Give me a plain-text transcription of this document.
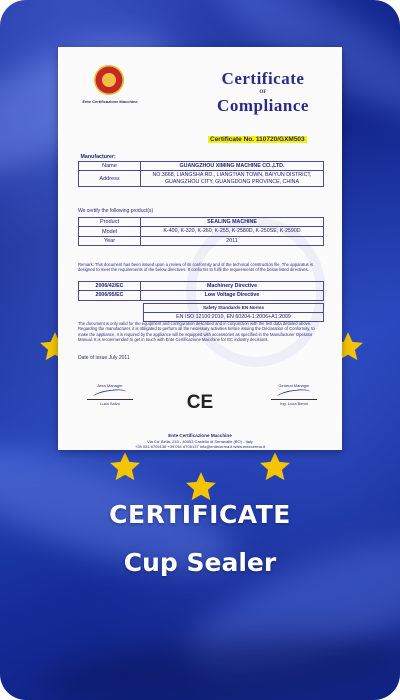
Ente Certificazione Macchine
Certificate
OF
Compliance
Certificate No. 110720/GXM503
Manufacturer:	
Name	GUANGZHOU XIMING MACHINE CO.,LTD.
Address	NO.3668, LIANGSHA RD., LIANGTIAN TOWN, BAIYUN DISTRICT, GUANGZHOU CITY, GUANGDONG PROVINCE, CHINA
We certify the following product(s)
Product	SEALING MACHINE
Model	K-400, K-320, K-260, K-255, K-2580D, K-250SE, K-2590D
Year	2011
Remark: This document has been issued upon a review of its conformity and of the technical construction file. The apparatus is designed to meet the requirements of the below directives. It conforms to fulfil the requirements of the below listed directives.
2006/42/EC	Machinery Directive
2006/95/EC	Low Voltage Directive
Safety Standards EN Norms
EN ISO 12100:2010, EN 60204-1:2006+A1:2009
The document is only valid for the equipment and configuration described and in conjunction with the test data detailed above. Regarding the manufacturer, it is obligated to perform all the necessary activities before issuing the Declaration of Conformity, to make the appliance, it is required by the appliance will be equipped with accessories as specified in the Manufacturer Operator Manual. It is recommended to get in touch with Ente Certificazione Macchine for EC industry decisions.
Date of issue July 2011
Area Manager
Luca Salvo	CE
General Manager
Ing. Luca Benni
Ente Certificazione Macchine
Via Ca' Bella, 243 - 40053 Castello di Serravalle (BO) - Italy
+39 051 6705136 +39 051 6705137 info@entecerma.it www.entecerma.it
CERTIFICATE
Cup Sealer
